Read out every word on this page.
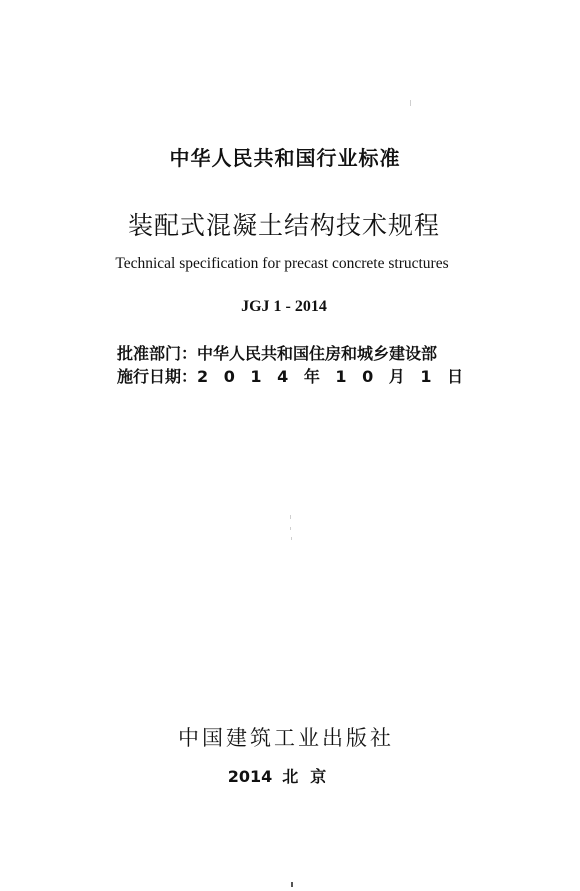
中华人民共和国行业标准
装配式混凝土结构技术规程
Technical specification for precast concrete structures
JGJ 1 - 2014
批准部门：中华人民共和国住房和城乡建设部
施行日期：2 0 1 4 年 1 0 月 1 日
中国建筑工业出版社
2014 北京
